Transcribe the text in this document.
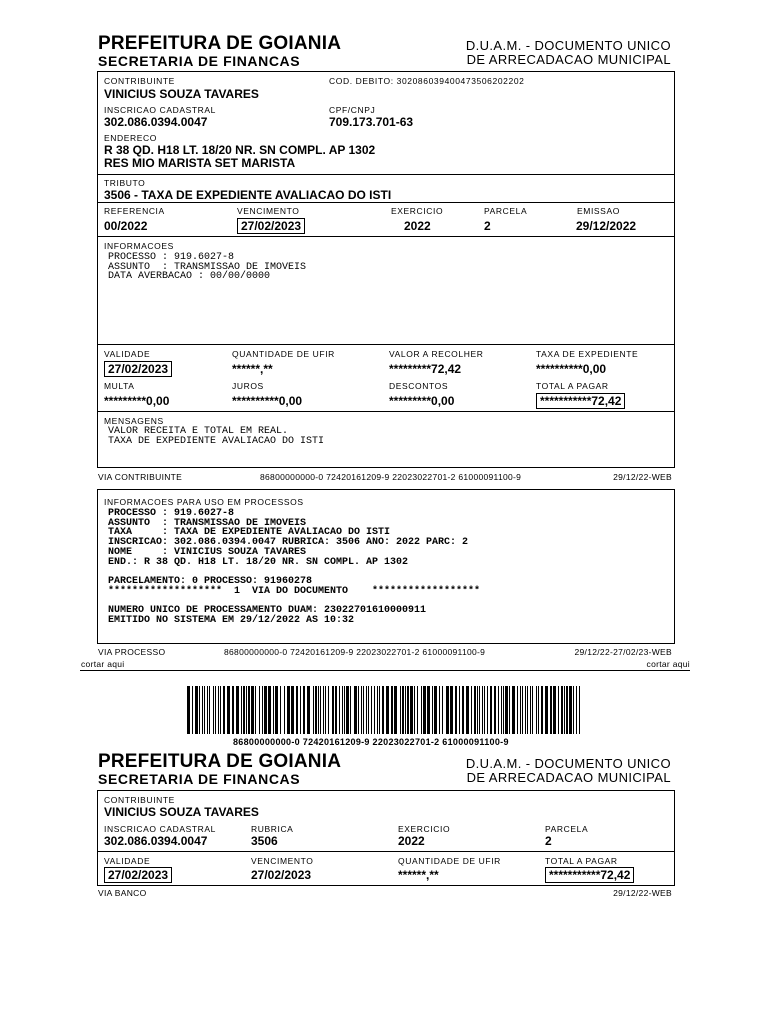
PREFEITURA DE GOIANIA
SECRETARIA DE FINANCAS
D.U.A.M. - DOCUMENTO UNICO
DE ARRECADACAO MUNICIPAL
CONTRIBUINTE	COD. DEBITO: 302086039400473506202202
VINICIUS SOUZA TAVARES
INSCRICAO CADASTRAL	CPF/CNPJ
302.086.0394.0047	709.173.701-63
ENDERECO
R 38 QD. H18 LT. 18/20 NR. SN COMPL. AP 1302
RES MIO MARISTA SET MARISTA
TRIBUTO
3506 - TAXA DE EXPEDIENTE AVALIACAO DO ISTI
REFERENCIA	VENCIMENTO	EXERCICIO	PARCELA	EMISSAO
00/2022	27/02/2023	2022	2	29/12/2022
INFORMACOES
PROCESSO : 919.6027-8
ASSUNTO  : TRANSMISSAO DE IMOVEIS
DATA AVERBACAO : 00/00/0000
VALIDADE	QUANTIDADE DE UFIR	VALOR A RECOLHER	TAXA DE EXPEDIENTE
27/02/2023	******,**	*********72,42	**********0,00
MULTA	JUROS	DESCONTOS	TOTAL A PAGAR
*********0,00	**********0,00	*********0,00	***********72,42
MENSAGENS
VALOR RECEITA E TOTAL EM REAL.
TAXA DE EXPEDIENTE AVALIACAO DO ISTI
VIA CONTRIBUINTE	86800000000-0 72420161209-9 22023022701-2 61000091100-9	29/12/22-WEB
INFORMACOES PARA USO EM PROCESSOS
PROCESSO : 919.6027-8
ASSUNTO  : TRANSMISSAO DE IMOVEIS
TAXA     : TAXA DE EXPEDIENTE AVALIACAO DO ISTI
INSCRICAO: 302.086.0394.0047 RUBRICA: 3506 ANO: 2022 PARC: 2
NOME     : VINICIUS SOUZA TAVARES
END.: R 38 QD. H18 LT. 18/20 NR. SN COMPL. AP 1302

PARCELAMENTO: 0 PROCESSO: 91960278
*******************  1  VIA DO DOCUMENTO    ******************

NUMERO UNICO DE PROCESSAMENTO DUAM: 23022701610000911
EMITIDO NO SISTEMA EM 29/12/2022 AS 10:32
VIA PROCESSO	86800000000-0 72420161209-9 22023022701-2 61000091100-9	29/12/22-27/02/23-WEB
cortar aqui	cortar aqui
86800000000-0 72420161209-9 22023022701-2 61000091100-9
PREFEITURA DE GOIANIA
SECRETARIA DE FINANCAS
D.U.A.M. - DOCUMENTO UNICO
DE ARRECADACAO MUNICIPAL
CONTRIBUINTE
VINICIUS SOUZA TAVARES
INSCRICAO CADASTRAL	RUBRICA	EXERCICIO	PARCELA
302.086.0394.0047	3506	2022	2
VALIDADE	VENCIMENTO	QUANTIDADE DE UFIR	TOTAL A PAGAR
27/02/2023	27/02/2023	******,**	***********72,42
VIA BANCO	29/12/22-WEB
